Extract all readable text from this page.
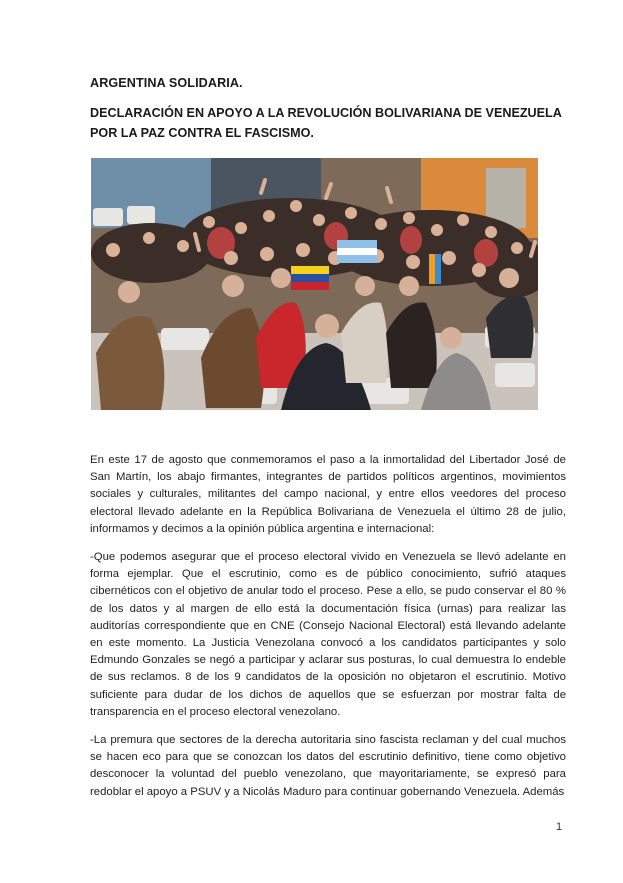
ARGENTINA SOLIDARIA.
DECLARACIÓN EN APOYO A LA REVOLUCIÓN BOLIVARIANA DE VENEZUELA POR LA PAZ CONTRA EL FASCISMO.

En este 17 de agosto que conmemoramos el paso a la inmortalidad del Libertador José de San Martín, los abajo firmantes, integrantes de partidos políticos argentinos, movimientos sociales y culturales, militantes del campo nacional, y entre ellos veedores del proceso electoral llevado adelante en la República Bolivariana de Venezuela el último 28 de julio, informamos y decimos a la opinión pública argentina e internacional:

-Que podemos asegurar que el proceso electoral vivido en Venezuela se llevó adelante en forma ejemplar. Que el escrutinio, como es de público conocimiento, sufrió ataques cibernéticos con el objetivo de anular todo el proceso. Pese a ello, se pudo conservar el 80 % de los datos y al margen de ello está la documentación física (urnas) para realizar las auditorías correspondiente que en CNE (Consejo Nacional Electoral) está llevando adelante en este momento. La Justicia Venezolana convocó a los candidatos participantes y solo Edmundo Gonzales se negó a participar y aclarar sus posturas, lo cual demuestra lo endeble de sus reclamos. 8 de los 9 candidatos de la oposición no objetaron el escrutinio. Motivo suficiente para dudar de los dichos de aquellos que se esfuerzan por mostrar falta de transparencia en el proceso electoral venezolano.

-La premura que sectores de la derecha autoritaria sino fascista reclaman y del cual muchos se hacen eco para que se conozcan los datos del escrutinio definitivo, tiene como objetivo desconocer la voluntad del pueblo venezolano, que mayoritariamente, se expresó para redoblar el apoyo a PSUV y a Nicolás Maduro para continuar gobernando Venezuela. Además

1
